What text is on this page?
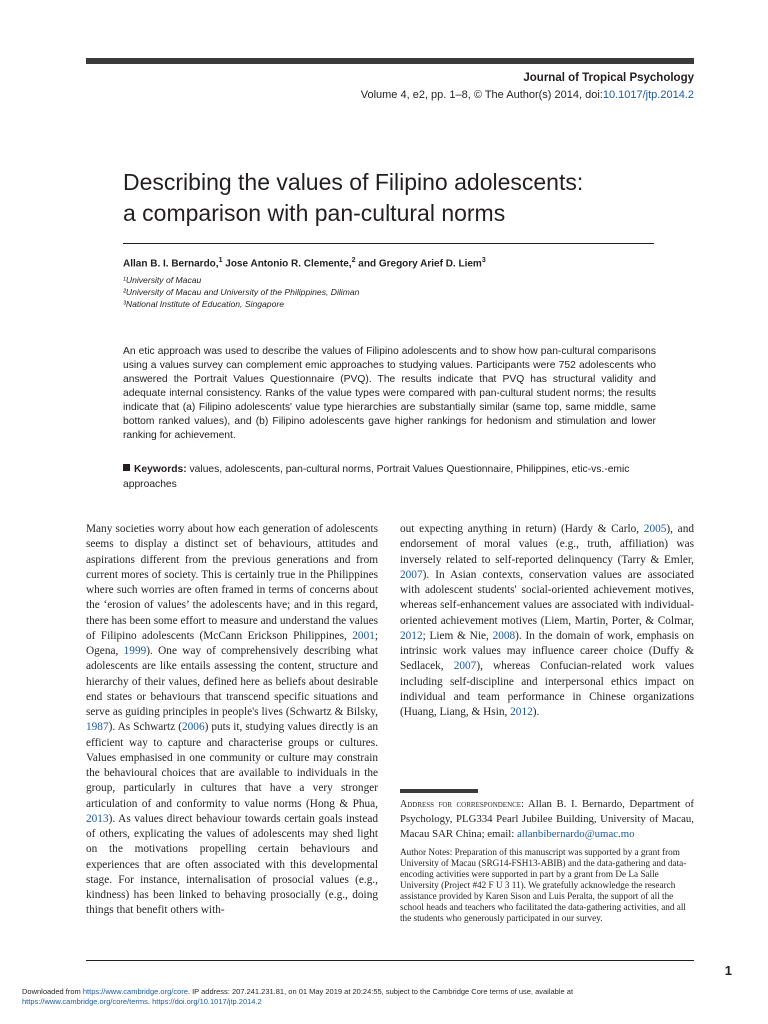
Journal of Tropical Psychology
Volume 4, e2, pp. 1–8, © The Author(s) 2014, doi:10.1017/jtp.2014.2
Describing the values of Filipino adolescents:
a comparison with pan-cultural norms
Allan B. I. Bernardo,$^1$ Jose Antonio R. Clemente,$^2$ and Gregory Arief D. Liem$^3$
¹University of Macau
²University of Macau and University of the Philippines, Diliman
³National Institute of Education, Singapore

An etic approach was used to describe the values of Filipino adolescents and to show how pan-cultural comparisons using a values survey can complement emic approaches to studying values. Participants were 752 adolescents who answered the Portrait Values Questionnaire (PVQ). The results indicate that PVQ has structural validity and adequate internal consistency. Ranks of the value types were compared with pan-cultural student norms; the results indicate that (a) Filipino adolescents' value type hierarchies are substantially similar (same top, same middle, same bottom ranked values), and (b) Filipino adolescents gave higher rankings for hedonism and stimulation and lower ranking for achievement.

Keywords: values, adolescents, pan-cultural norms, Portrait Values Questionnaire, Philippines, etic-vs.-emic approaches

Many societies worry about how each generation of adolescents seems to display a distinct set of behaviours, attitudes and aspirations different from the previous generations and from current mores of society. This is certainly true in the Philippines where such worries are often framed in terms of concerns about the ‘erosion of values’ the adolescents have; and in this regard, there has been some effort to measure and understand the values of Filipino adolescents (McCann Erickson Philippines, 2001; Ogena, 1999). One way of comprehensively describing what adolescents are like entails assessing the content, structure and hierarchy of their values, defined here as beliefs about desirable end states or behaviours that transcend specific situations and serve as guiding principles in people's lives (Schwartz & Bilsky, 1987). As Schwartz (2006) puts it, studying values directly is an efficient way to capture and characterise groups or cultures. Values emphasised in one community or culture may constrain the behavioural choices that are available to individuals in the group, particularly in cultures that have a very stronger articulation of and conformity to value norms (Hong & Phua, 2013). As values direct behaviour towards certain goals instead of others, explicating the values of adolescents may shed light on the motivations propelling certain behaviours and experiences that are often associated with this developmental stage. For instance, internalisation of prosocial values (e.g., kindness) has been linked to behaving prosocially (e.g., doing things that benefit others with-

out expecting anything in return) (Hardy & Carlo, 2005), and endorsement of moral values (e.g., truth, affiliation) was inversely related to self-reported delinquency (Tarry & Emler, 2007). In Asian contexts, conservation values are associated with adolescent students' social-oriented achievement motives, whereas self-enhancement values are associated with individual-oriented achievement motives (Liem, Martin, Porter, & Colmar, 2012; Liem & Nie, 2008). In the domain of work, emphasis on intrinsic work values may influence career choice (Duffy & Sedlacek, 2007), whereas Confucian-related work values including self-discipline and interpersonal ethics impact on individual and team performance in Chinese organizations (Huang, Liang, & Hsin, 2012).

Address for correspondence: Allan B. I. Bernardo, Department of Psychology, PLG334 Pearl Jubilee Building, University of Macau, Macau SAR China; email: allanbibernardo@umac.mo

Author Notes: Preparation of this manuscript was supported by a grant from University of Macau (SRG14-FSH13-ABIB) and the data-gathering and data-encoding activities were supported in part by a grant from De La Salle University (Project #42 F U 3 11). We gratefully acknowledge the research assistance provided by Karen Sison and Luis Peralta, the support of all the school heads and teachers who facilitated the data-gathering activities, and all the students who generously participated in our survey.

1

Downloaded from https://www.cambridge.org/core. IP address: 207.241.231.81, on 01 May 2019 at 20:24:55, subject to the Cambridge Core terms of use, available at
https://www.cambridge.org/core/terms. https://doi.org/10.1017/jtp.2014.2
